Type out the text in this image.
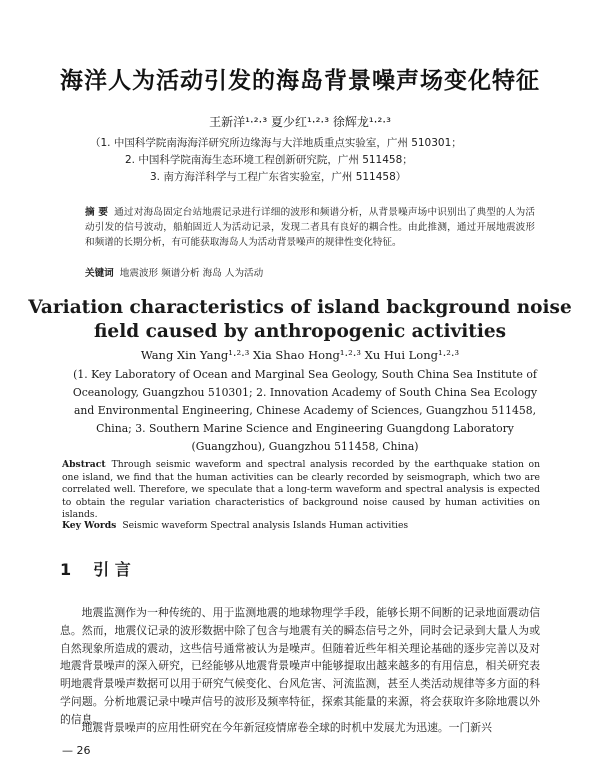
海洋人为活动引发的海岛背景噪声场变化特征
王新洋¹·²·³ 夏少红¹·²·³ 徐辉龙¹·²·³
（1. 中国科学院南海海洋研究所边缘海与大洋地质重点实验室，广州 510301；
2. 中国科学院南海生态环境工程创新研究院，广州 511458；
3. 南方海洋科学与工程广东省实验室，广州 511458）
摘 要 通过对海岛固定台站地震记录进行详细的波形和频谱分析，从背景噪声场中识别出了典型的人为活动引发的信号波动，船舶固近人为活动记录，发现二者具有良好的耦合性。由此推测，通过开展地震波形和频谱的长期分析，有可能获取海岛人为活动背景噪声的规律性变化特征。
关键词 地震波形 频谱分析 海岛 人为活动
Variation characteristics of island background noise
field caused by anthropogenic activities
Wang Xin Yang¹·²·³ Xia Shao Hong¹·²·³ Xu Hui Long¹·²·³
(1. Key Laboratory of Ocean and Marginal Sea Geology, South China Sea Institute of Oceanology, Guangzhou 510301; 2. Innovation Academy of South China Sea Ecology and Environmental Engineering, Chinese Academy of Sciences, Guangzhou 511458, China; 3. Southern Marine Science and Engineering Guangdong Laboratory (Guangzhou), Guangzhou 511458, China)
Abstract Through seismic waveform and spectral analysis recorded by the earthquake station on one island, we find that the human activities can be clearly recorded by seismograph, which two are correlated well. Therefore, we speculate that a long-term waveform and spectral analysis is expected to obtain the regular variation characteristics of background noise caused by human activities on islands.
Key Words Seismic waveform Spectral analysis Islands Human activities
1 引 言
地震监测作为一种传统的、用于监测地震的地球物理学手段，能够长期不间断的记录地面震动信息。然而，地震仪记录的波形数据中除了包含与地震有关的瞬态信号之外，同时会记录到大量人为或自然现象所造成的震动，这些信号通常被认为是噪声。但随着近些年相关理论基础的逐步完善以及对地震背景噪声的深入研究，已经能够从地震背景噪声中能够提取出越来越多的有用信息，相关研究表明地震背景噪声数据可以用于研究气候变化、台风危害、河流监测，甚至人类活动规律等多方面的科学问题。分析地震记录中噪声信号的波形及频率特征，探索其能量的来源，将会获取许多除地震以外的信息。
地震背景噪声的应用性研究在今年新冠疫情席卷全球的时机中发展尤为迅速。一门新兴
— 26
